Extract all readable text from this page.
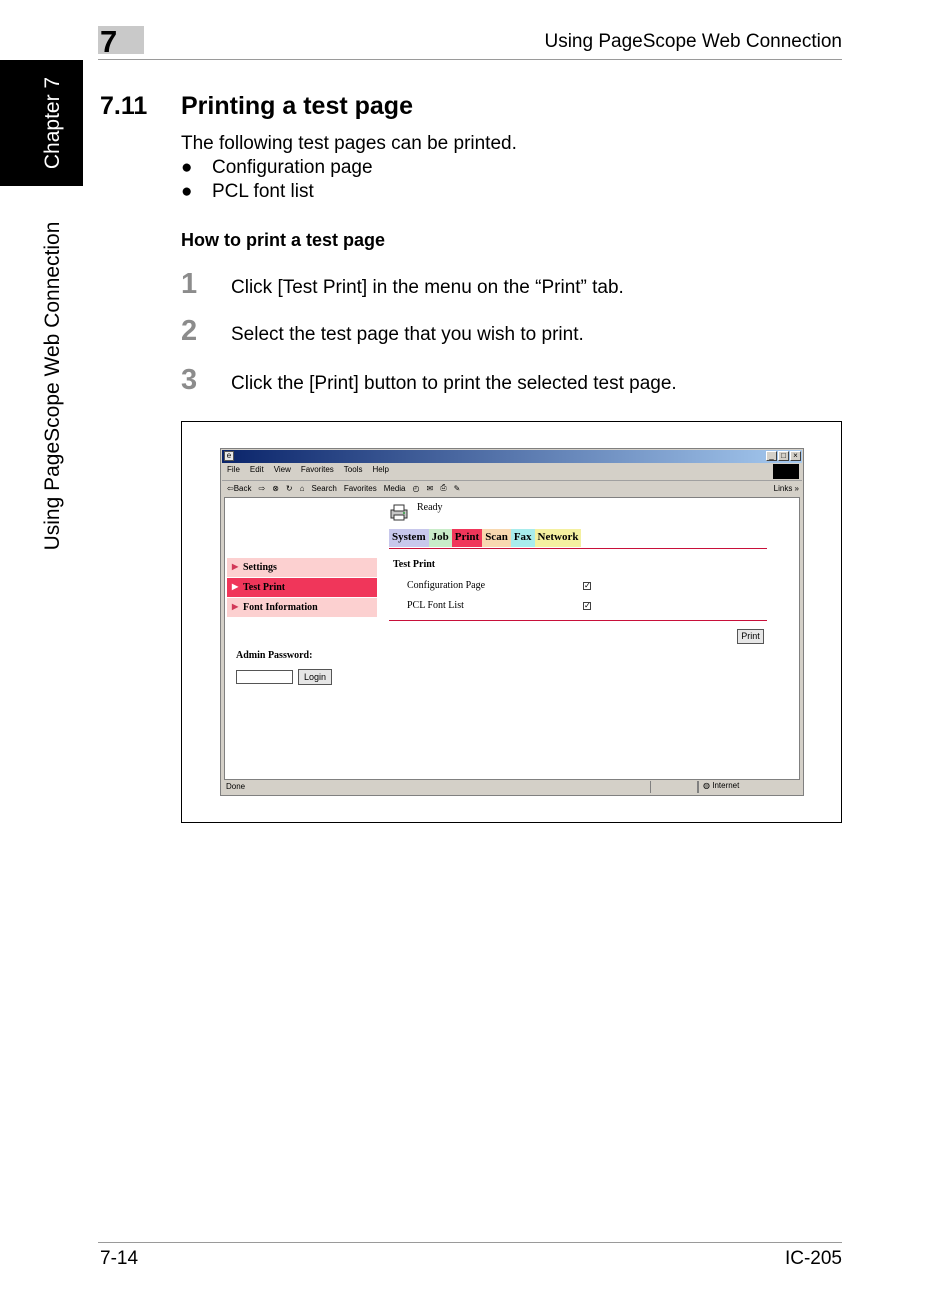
7	Using PageScope Web Connection
Chapter 7
Using PageScope Web Connection
7.11 Printing a test page
The following test pages can be printed.
● Configuration page
● PCL font list
How to print a test page
1 Click [Test Print] in the menu on the “Print” tab.
2 Select the test page that you wish to print.
3 Click the [Print] button to print the selected test page.
e	_ □ ×
File Edit View Favorites Tools Help
⇦Back ⇨ ⊗ ↻ ⌂ Search Favorites Media ◴ ✉ ⎙ ✎	Links »
Ready
System Job Print Scan Fax Network
▶ Settings
▶ Test Print
▶ Font Information
Test Print
Configuration Page	✓
PCL Font List	✓
Print
Admin Password:
Login
Done	◍ Internet
7-14	IC-205
